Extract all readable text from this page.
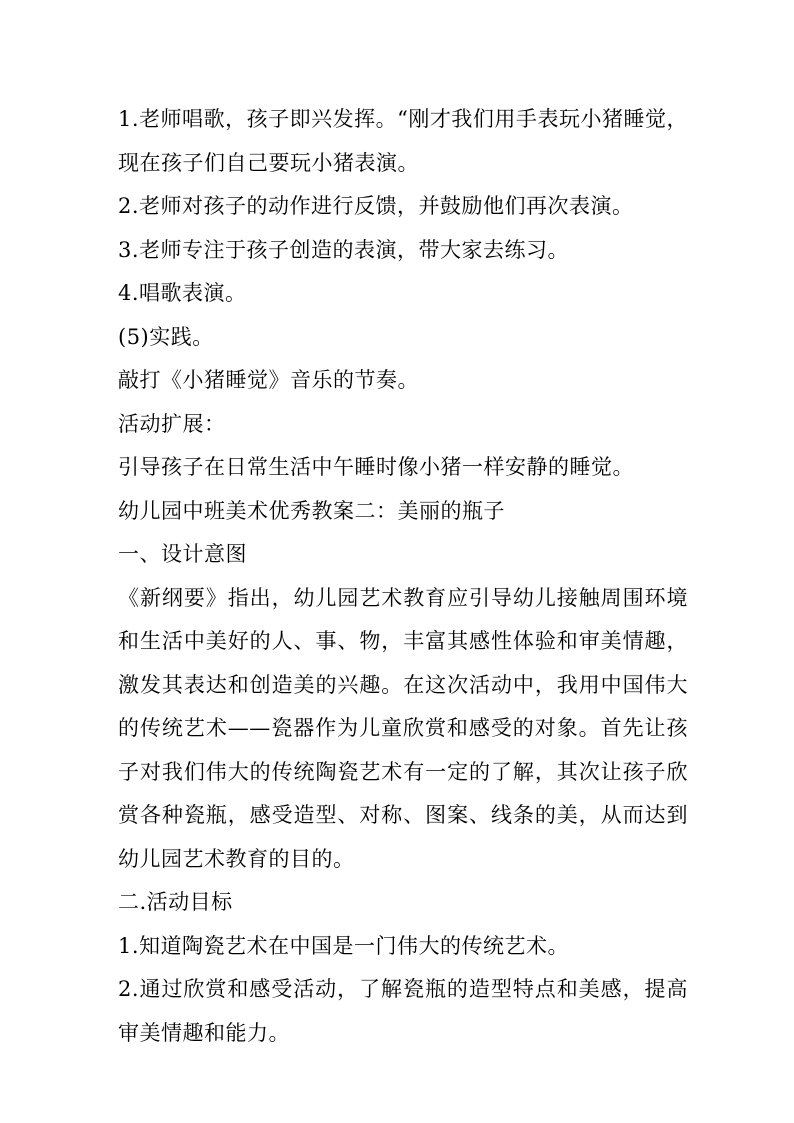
1.老师唱歌，孩子即兴发挥。“刚才我们用手表玩小猪睡觉，现在孩子们自己要玩小猪表演。

2.老师对孩子的动作进行反馈，并鼓励他们再次表演。

3.老师专注于孩子创造的表演，带大家去练习。

4.唱歌表演。

(5)实践。

敲打《小猪睡觉》音乐的节奏。

活动扩展：

引导孩子在日常生活中午睡时像小猪一样安静的睡觉。

幼儿园中班美术优秀教案二：美丽的瓶子

一、设计意图

《新纲要》指出，幼儿园艺术教育应引导幼儿接触周围环境和生活中美好的人、事、物，丰富其感性体验和审美情趣，激发其表达和创造美的兴趣。在这次活动中，我用中国伟大的传统艺术——瓷器作为儿童欣赏和感受的对象。首先让孩子对我们伟大的传统陶瓷艺术有一定的了解，其次让孩子欣赏各种瓷瓶，感受造型、对称、图案、线条的美，从而达到幼儿园艺术教育的目的。

二.活动目标

1.知道陶瓷艺术在中国是一门伟大的传统艺术。

2.通过欣赏和感受活动，了解瓷瓶的造型特点和美感，提高审美情趣和能力。
